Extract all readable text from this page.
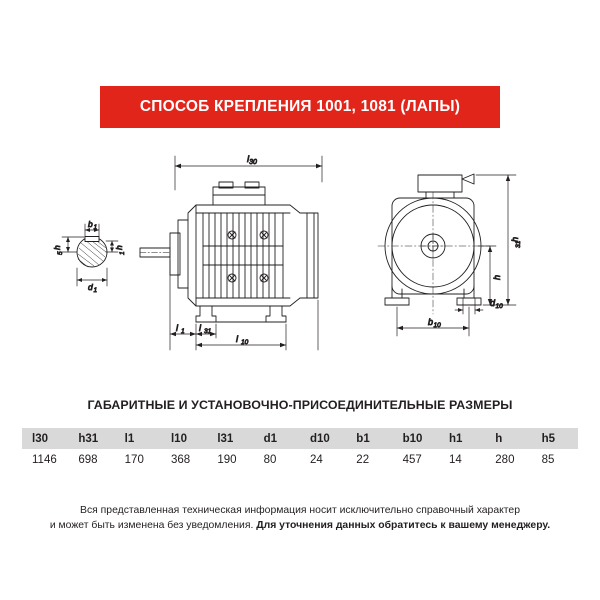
СПОСОБ КРЕПЛЕНИЯ 1001, 1081 (ЛАПЫ)
l 30
l 1 l 31
l 10
b 1
h
5
h
1
d 1
h
31
h
b 10
d 10
ГАБАРИТНЫЕ И УСТАНОВОЧНО-ПРИСОЕДИНИТЕЛЬНЫЕ РАЗМЕРЫ
l30	h31	l1	l10	l31	d1	d10	b1	b10	h1	h	h5
1146	698	170	368	190	80	24	22	457	14	280	85
Вся представленная техническая информация носит исключительно справочный характер
и может быть изменена без уведомления. Для уточнения данных обратитесь к вашему менеджеру.
